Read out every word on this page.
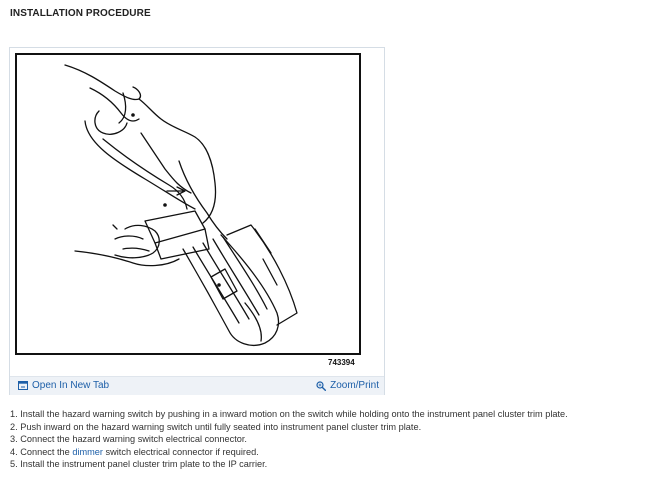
INSTALLATION PROCEDURE
743394
Open In New Tab	Zoom/Print
1. Install the hazard warning switch by pushing in a inward motion on the switch while holding onto the instrument panel cluster trim plate.
2. Push inward on the hazard warning switch until fully seated into instrument panel cluster trim plate.
3. Connect the hazard warning switch electrical connector.
4. Connect the dimmer switch electrical connector if required.
5. Install the instrument panel cluster trim plate to the IP carrier.
